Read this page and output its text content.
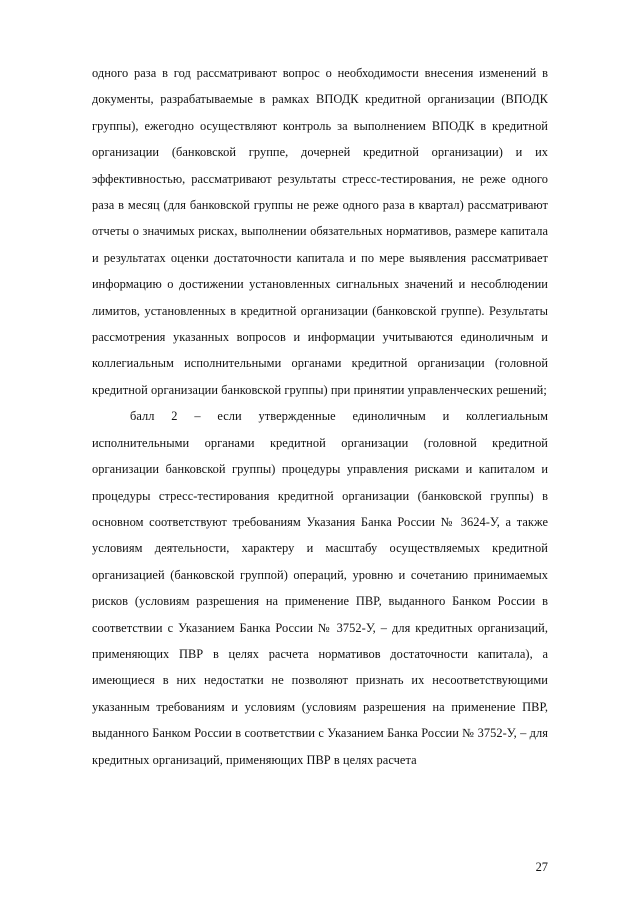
одного раза в год рассматривают вопрос о необходимости внесения изменений в документы, разрабатываемые в рамках ВПОДК кредитной организации (ВПОДК группы), ежегодно осуществляют контроль за выполнением ВПОДК в кредитной организации (банковской группе, дочерней кредитной организации) и их эффективностью, рассматривают результаты стресс-тестирования, не реже одного раза в месяц (для банковской группы не реже одного раза в квартал) рассматривают отчеты о значимых рисках, выполнении обязательных нормативов, размере капитала и результатах оценки достаточности капитала и по мере выявления рассматривает информацию о достижении установленных сигнальных значений и несоблюдении лимитов, установленных в кредитной организации (банковской группе). Результаты рассмотрения указанных вопросов и информации учитываются единоличным и коллегиальным исполнительными органами кредитной организации (головной кредитной организации банковской группы) при принятии управленческих решений;

балл 2 – если утвержденные единоличным и коллегиальным исполнительными органами кредитной организации (головной кредитной организации банковской группы) процедуры управления рисками и капиталом и процедуры стресс-тестирования кредитной организации (банковской группы) в основном соответствуют требованиям Указания Банка России № 3624-У, а также условиям деятельности, характеру и масштабу осуществляемых кредитной организацией (банковской группой) операций, уровню и сочетанию принимаемых рисков (условиям разрешения на применение ПВР, выданного Банком России в соответствии с Указанием Банка России № 3752-У, – для кредитных организаций, применяющих ПВР в целях расчета нормативов достаточности капитала), а имеющиеся в них недостатки не позволяют признать их несоответствующими указанным требованиям и условиям (условиям разрешения на применение ПВР, выданного Банком России в соответствии с Указанием Банка России № 3752-У, – для кредитных организаций, применяющих ПВР в целях расчета

27
